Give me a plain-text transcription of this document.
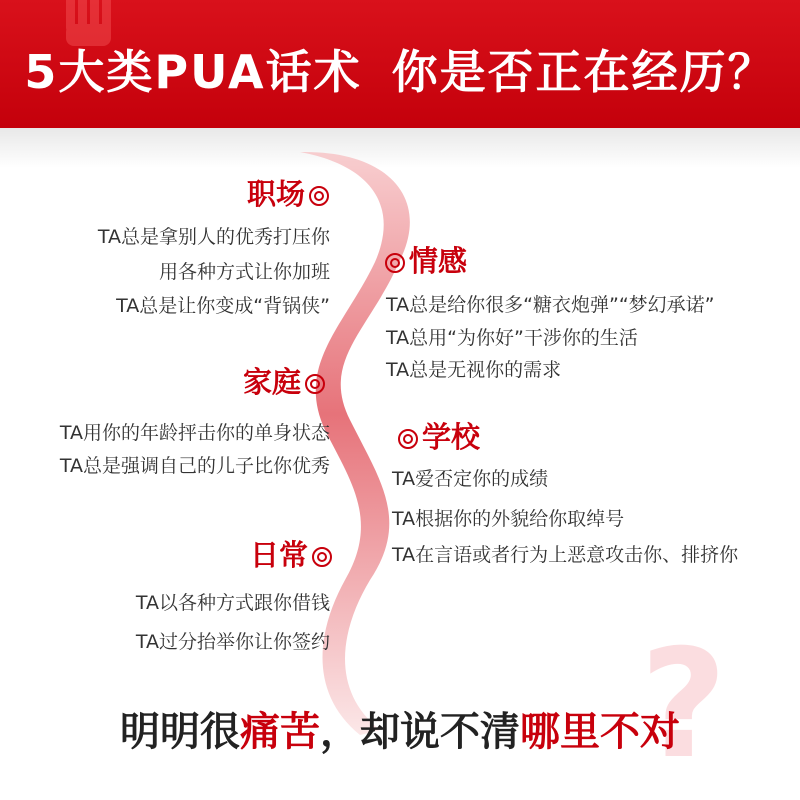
5大类PUA话术 你是否正在经历？
职场
TA总是拿别人的优秀打压你
用各种方式让你加班
TA总是让你变成“背锅侠”
情感
TA总是给你很多“糖衣炮弹”“梦幻承诺”
TA总用“为你好”干涉你的生活
TA总是无视你的需求
家庭
TA用你的年龄抨击你的单身状态
TA总是强调自己的儿子比你优秀
学校
TA爱否定你的成绩
TA根据你的外貌给你取绰号
TA在言语或者行为上恶意攻击你、排挤你
日常
TA以各种方式跟你借钱
TA过分抬举你让你签约 ?
明明很痛苦，却说不清哪里不对
